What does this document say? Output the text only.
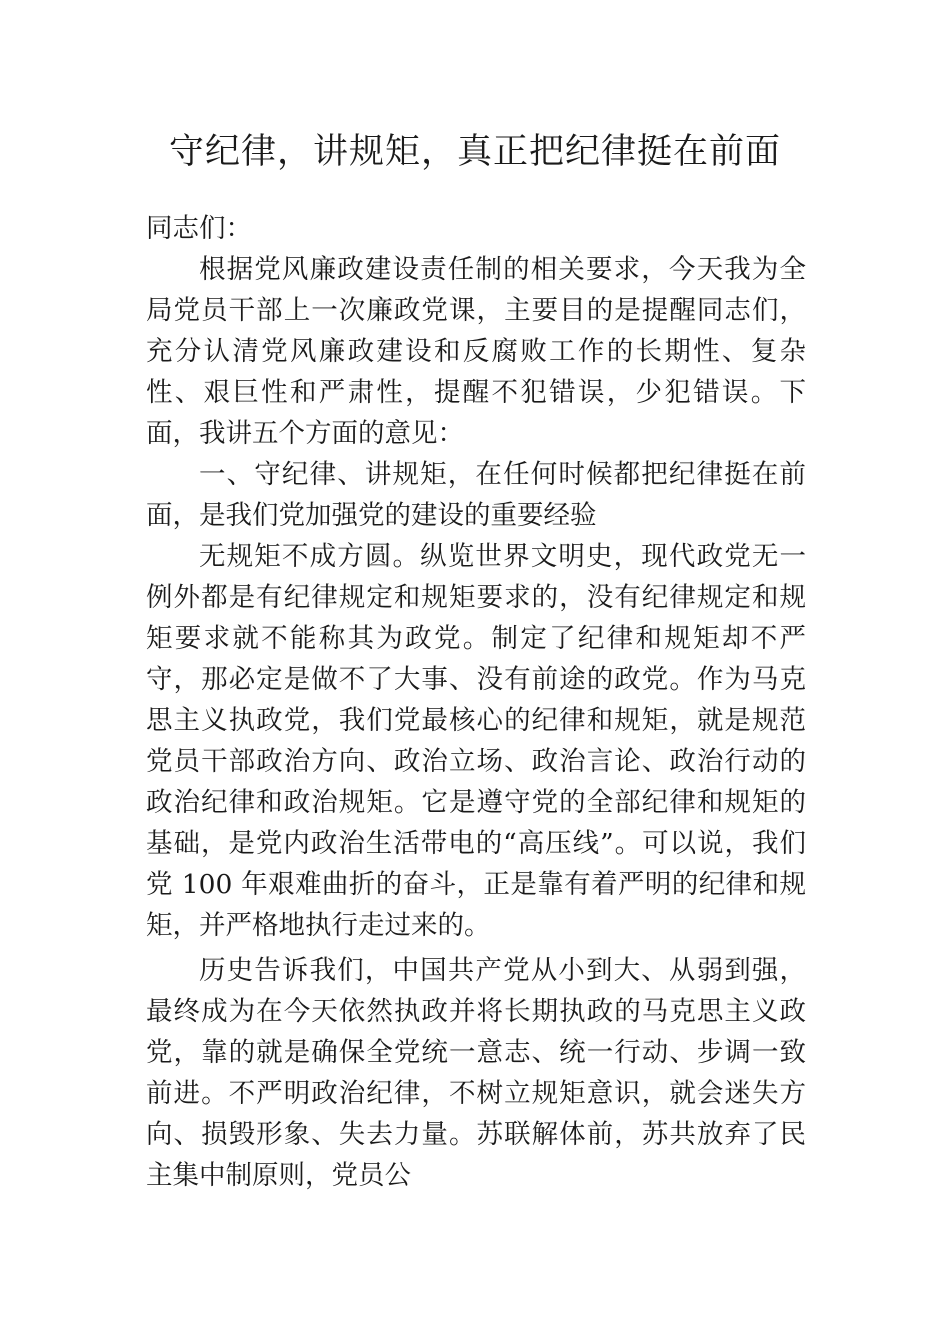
守纪律，讲规矩，真正把纪律挺在前面

同志们：

根据党风廉政建设责任制的相关要求，今天我为全局党员干部上一次廉政党课，主要目的是提醒同志们，充分认清党风廉政建设和反腐败工作的长期性、复杂性、艰巨性和严肃性，提醒不犯错误，少犯错误。下面，我讲五个方面的意见：

一、守纪律、讲规矩，在任何时候都把纪律挺在前面，是我们党加强党的建设的重要经验

无规矩不成方圆。纵览世界文明史，现代政党无一例外都是有纪律规定和规矩要求的，没有纪律规定和规矩要求就不能称其为政党。制定了纪律和规矩却不严守，那必定是做不了大事、没有前途的政党。作为马克思主义执政党，我们党最核心的纪律和规矩，就是规范党员干部政治方向、政治立场、政治言论、政治行动的政治纪律和政治规矩。它是遵守党的全部纪律和规矩的基础，是党内政治生活带电的“高压线”。可以说，我们党 100 年艰难曲折的奋斗，正是靠有着严明的纪律和规矩，并严格地执行走过来的。

历史告诉我们，中国共产党从小到大、从弱到强，最终成为在今天依然执政并将长期执政的马克思主义政党，靠的就是确保全党统一意志、统一行动、步调一致前进。不严明政治纪律，不树立规矩意识，就会迷失方向、损毁形象、失去力量。苏联解体前，苏共放弃了民主集中制原则，党员公
